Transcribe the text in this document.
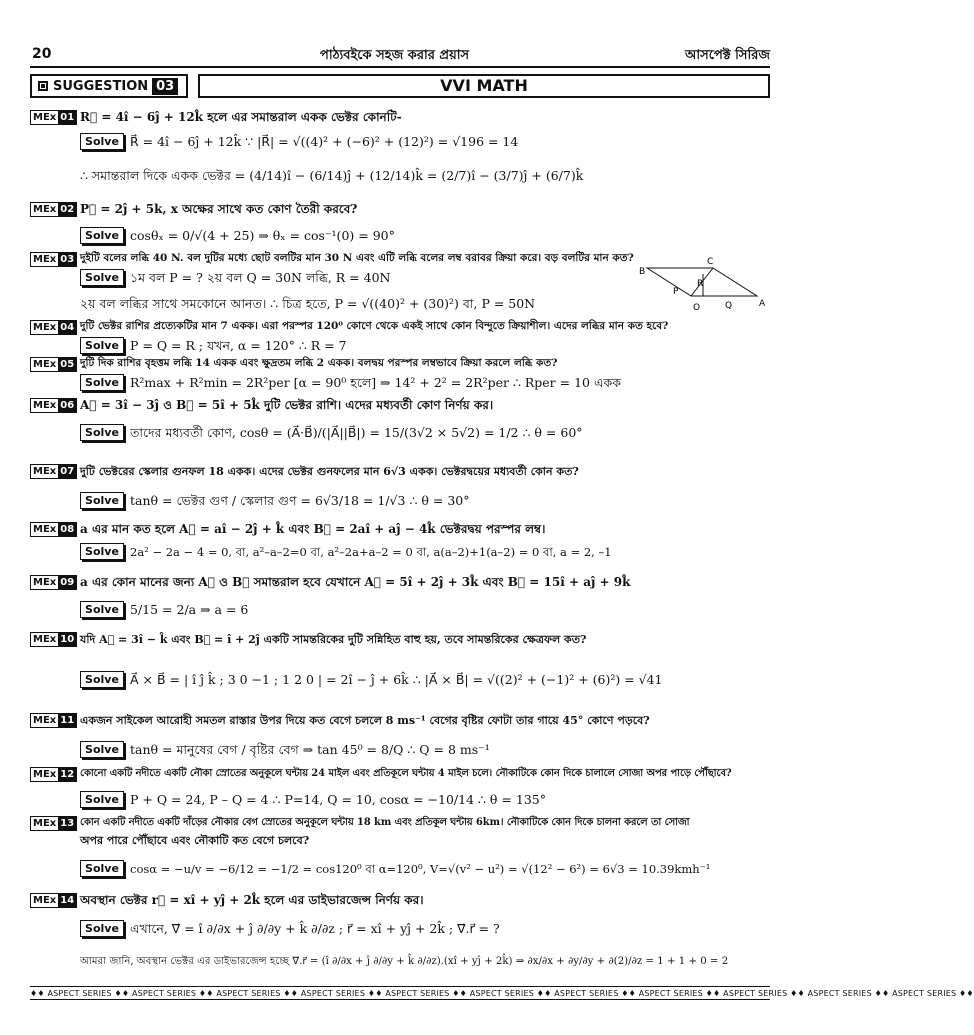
20	পাঠ্যবইকে সহজ করার প্রয়াস	আসপেক্ট সিরিজ
SUGGESTION 03	VVI MATH
MEx 01 R⃗ = 4î − 6ĵ + 12k̂ হলে এর সমান্তরাল একক ভেক্টর কোনটি-
Solve R⃗ = 4î − 6ĵ + 12k̂ ∵ |R⃗| = √((4)² + (−6)² + (12)²) = √196 = 14
∴ সমান্তরাল দিকে একক ভেক্টর = (4/14)î − (6/14)ĵ + (12/14)k̂ = (2/7)î − (3/7)ĵ + (6/7)k̂
MEx 02 P⃗ = 2ĵ + 5k, x অক্ষের সাথে কত কোণ তৈরী করবে?
Solve cosθₓ = 0/√(4 + 25) ⇒ θₓ = cos⁻¹(0) = 90°
MEx 03 দুইটি বলের লব্ধি 40 N. বল দুটির মধ্যে ছোট বলটির মান 30 N এবং এটি লব্ধি বলের লম্ব বরাবর ক্রিয়া করে। বড় বলটির মান কত?
Solve ১ম বল P = ? ২য় বল Q = 30N লব্ধি, R = 40N
২য় বল লব্ধির সাথে সমকোনে আনত। ∴ চিত্র হতে, P = √((40)² + (30)²) বা, P = 50N
B
C
R
P
O	Q	A
MEx 04 দুটি ভেক্টর রাশির প্রত্যেকটির মান 7 একক। এরা পরস্পর 120⁰ কোণে থেকে একই সাথে কোন বিন্দুতে ক্রিয়াশীল। এদের লব্ধির মান কত হবে?
Solve P = Q = R ; যখন, α = 120° ∴ R = 7
MEx 05 দুটি দিক রাশির বৃহত্তম লব্ধি 14 একক এবং ক্ষুদ্রতম লব্ধি 2 একক। বলদ্বয় পরস্পর লম্বভাবে ক্রিয়া করলে লব্ধি কত?
Solve R²max + R²min = 2R²per [α = 90⁰ হলে] ⇒ 14² + 2² = 2R²per ∴ Rper = 10 একক
MEx 06 A⃗ = 3î − 3ĵ ও B⃗ = 5î + 5k̂ দুটি ভেক্টর রাশি। এদের মধ্যবর্তী কোণ নির্ণয় কর।
Solve তাদের মধ্যবর্তী কোণ, cosθ = (A⃗·B⃗)/(|A⃗||B⃗|) = 15/(3√2 × 5√2) = 1/2 ∴ θ = 60°
MEx 07 দুটি ভেক্টরের স্কেলার গুনফল 18 একক। এদের ভেক্টর গুনফলের মান 6√3 একক। ভেক্টরদ্বয়ের মধ্যবর্তী কোন কত?
Solve tanθ = ভেক্টর গুণ / স্কেলার গুণ = 6√3/18 = 1/√3 ∴ θ = 30°
MEx 08 a এর মান কত হলে A⃗ = aî − 2ĵ + k̂ এবং B⃗ = 2aî + aĵ − 4k̂ ভেক্টরদ্বয় পরস্পর লম্ব।
Solve 2a² − 2a − 4 = 0, বা, a²–a–2=0 বা, a²–2a+a–2 = 0 বা, a(a–2)+1(a–2) = 0 বা, a = 2, –1
MEx 09 a এর কোন মানের জন্য A⃗ ও B⃗ সমান্তরাল হবে যেখানে A⃗ = 5î + 2ĵ + 3k̂ এবং B⃗ = 15î + aĵ + 9k̂
Solve 5/15 = 2/a ⇒ a = 6
MEx 10 যদি A⃗ = 3î − k̂ এবং B⃗ = î + 2ĵ একটি সামন্তরিকের দুটি সন্নিহিত বাহু হয়, তবে সামন্তরিকের ক্ষেত্রফল কত?
Solve A⃗ × B⃗ = | î ĵ k̂ ; 3 0 −1 ; 1 2 0 | = 2î − ĵ + 6k̂ ∴ |A⃗ × B⃗| = √((2)² + (−1)² + (6)²) = √41
MEx 11 একজন সাইকেল আরোহী সমতল রাস্তার উপর দিয়ে কত বেগে চললে 8 ms⁻¹ বেগের বৃষ্টির ফোটা তার গায়ে 45° কোণে পড়বে?
Solve tanθ = মানুষের বেগ / বৃষ্টির বেগ ⇒ tan 45⁰ = 8/Q ∴ Q = 8 ms⁻¹
MEx 12 কোনো একটি নদীতে একটি নৌকা স্রোতের অনুকূলে ঘন্টায় 24 মাইল এবং প্রতিকূলে ঘন্টায় 4 মাইল চলে। নৌকাটিকে কোন দিকে চালালে সোজা অপর পাড়ে পৌঁছাবে?
Solve P + Q = 24, P – Q = 4 ∴ P=14, Q = 10, cosα = −10/14 ∴ θ = 135°
MEx 13 কোন একটি নদীতে একটি দাঁড়ের নৌকার বেগ স্রোতের অনুকূলে ঘন্টায় 18 km এবং প্রতিকূল ঘন্টায় 6km। নৌকাটিকে কোন দিকে চালনা করলে তা সোজা
অপর পারে পৌঁছাবে এবং নৌকাটি কত বেগে চলবে?
Solve cosα = −u/v = −6/12 = −1/2 = cos120⁰ বা α=120⁰, V=√(v² − u²) = √(12² − 6²) = 6√3 = 10.39kmh⁻¹
MEx 14 অবস্থান ভেক্টর r⃗ = xî + yĵ + 2k̂ হলে এর ডাইভারজেন্স নির্ণয় কর।
Solve এখানে, ∇⃗ = î ∂/∂x + ĵ ∂/∂y + k̂ ∂/∂z ; r⃗ = xî + yĵ + 2k̂ ; ∇⃗.r⃗ = ?
আমরা জানি, অবস্থান ভেক্টর এর ডাইভারজেন্স হচ্ছে ∇⃗.r⃗ = (î ∂/∂x + ĵ ∂/∂y + k̂ ∂/∂z).(xî + yĵ + 2k̂) ⇒ ∂x/∂x + ∂y/∂y + ∂(2)/∂z = 1 + 1 + 0 = 2
♦♦ ASPECT SERIES ♦♦ ASPECT SERIES ♦♦ ASPECT SERIES ♦♦ ASPECT SERIES ♦♦ ASPECT SERIES ♦♦ ASPECT SERIES ♦♦ ASPECT SERIES ♦♦ ASPECT SERIES ♦♦ ASPECT SERIES ♦♦ ASPECT SERIES ♦♦ ASPECT SERIES ♦♦
